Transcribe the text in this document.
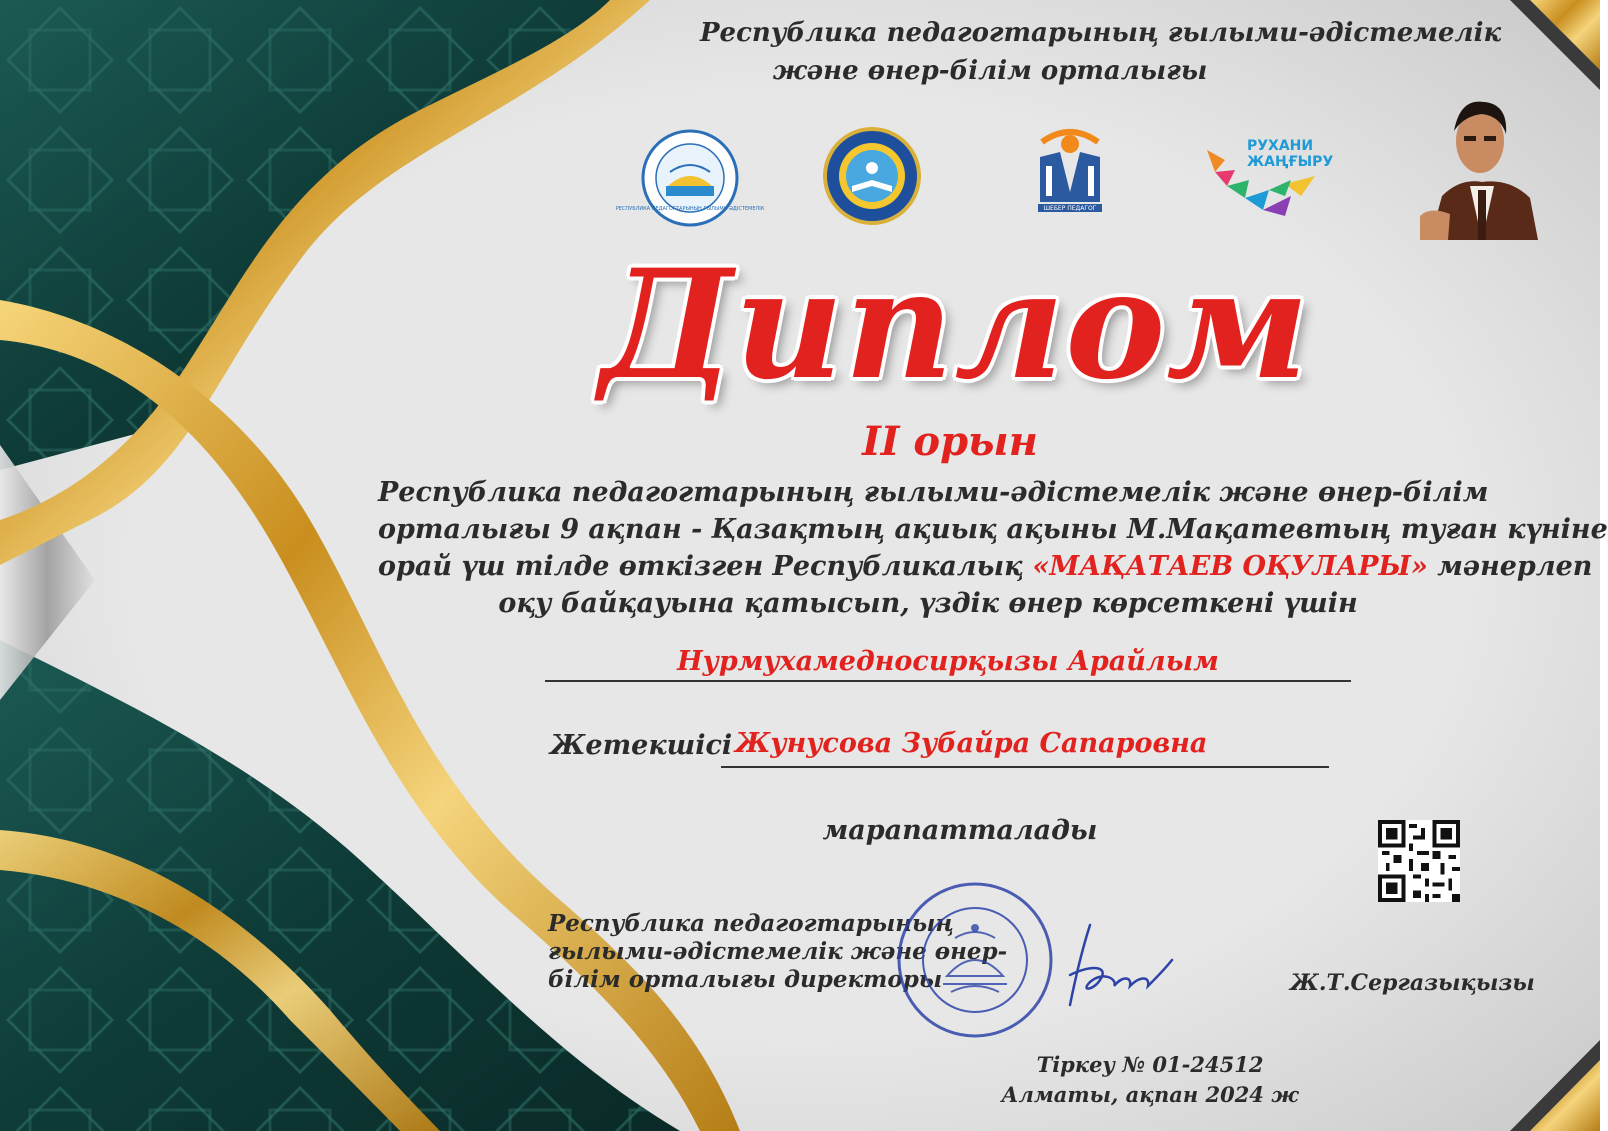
Республика педагогтарының ғылыми-әдістемелік
және өнер-білім орталығы
РЕСПУБЛИКА ПЕДАГОГТАРЫНЫҢ ҒЫЛЫМИ ӘДІСТЕМЕЛІК	ШЕБЕР ПЕДАГОГ
РУХАНИ
ЖАҢҒЫРУ
Диплом
II орын
Республика педагогтарының ғылыми-әдістемелік және өнер-білім
орталығы 9 ақпан - Қазақтың ақиық ақыны М.Мақатевтың туған күніне
орай үш тілде өткізген Республикалық «МАҚАТАЕВ ОҚУЛАРЫ» мәнерлеп
оқу байқауына қатысып, үздік өнер көрсеткені үшін
Нурмухамедносирқызы Арайлым
Жетекшісі Жунусова Зубайра Сапаровна
марапатталады
Республика педагогтарының
ғылыми-әдістемелік және өнер-
білім орталығы директоры	Ж.Т.Сергазықызы
Тіркеу № 01-24512
Алматы, ақпан 2024 ж
